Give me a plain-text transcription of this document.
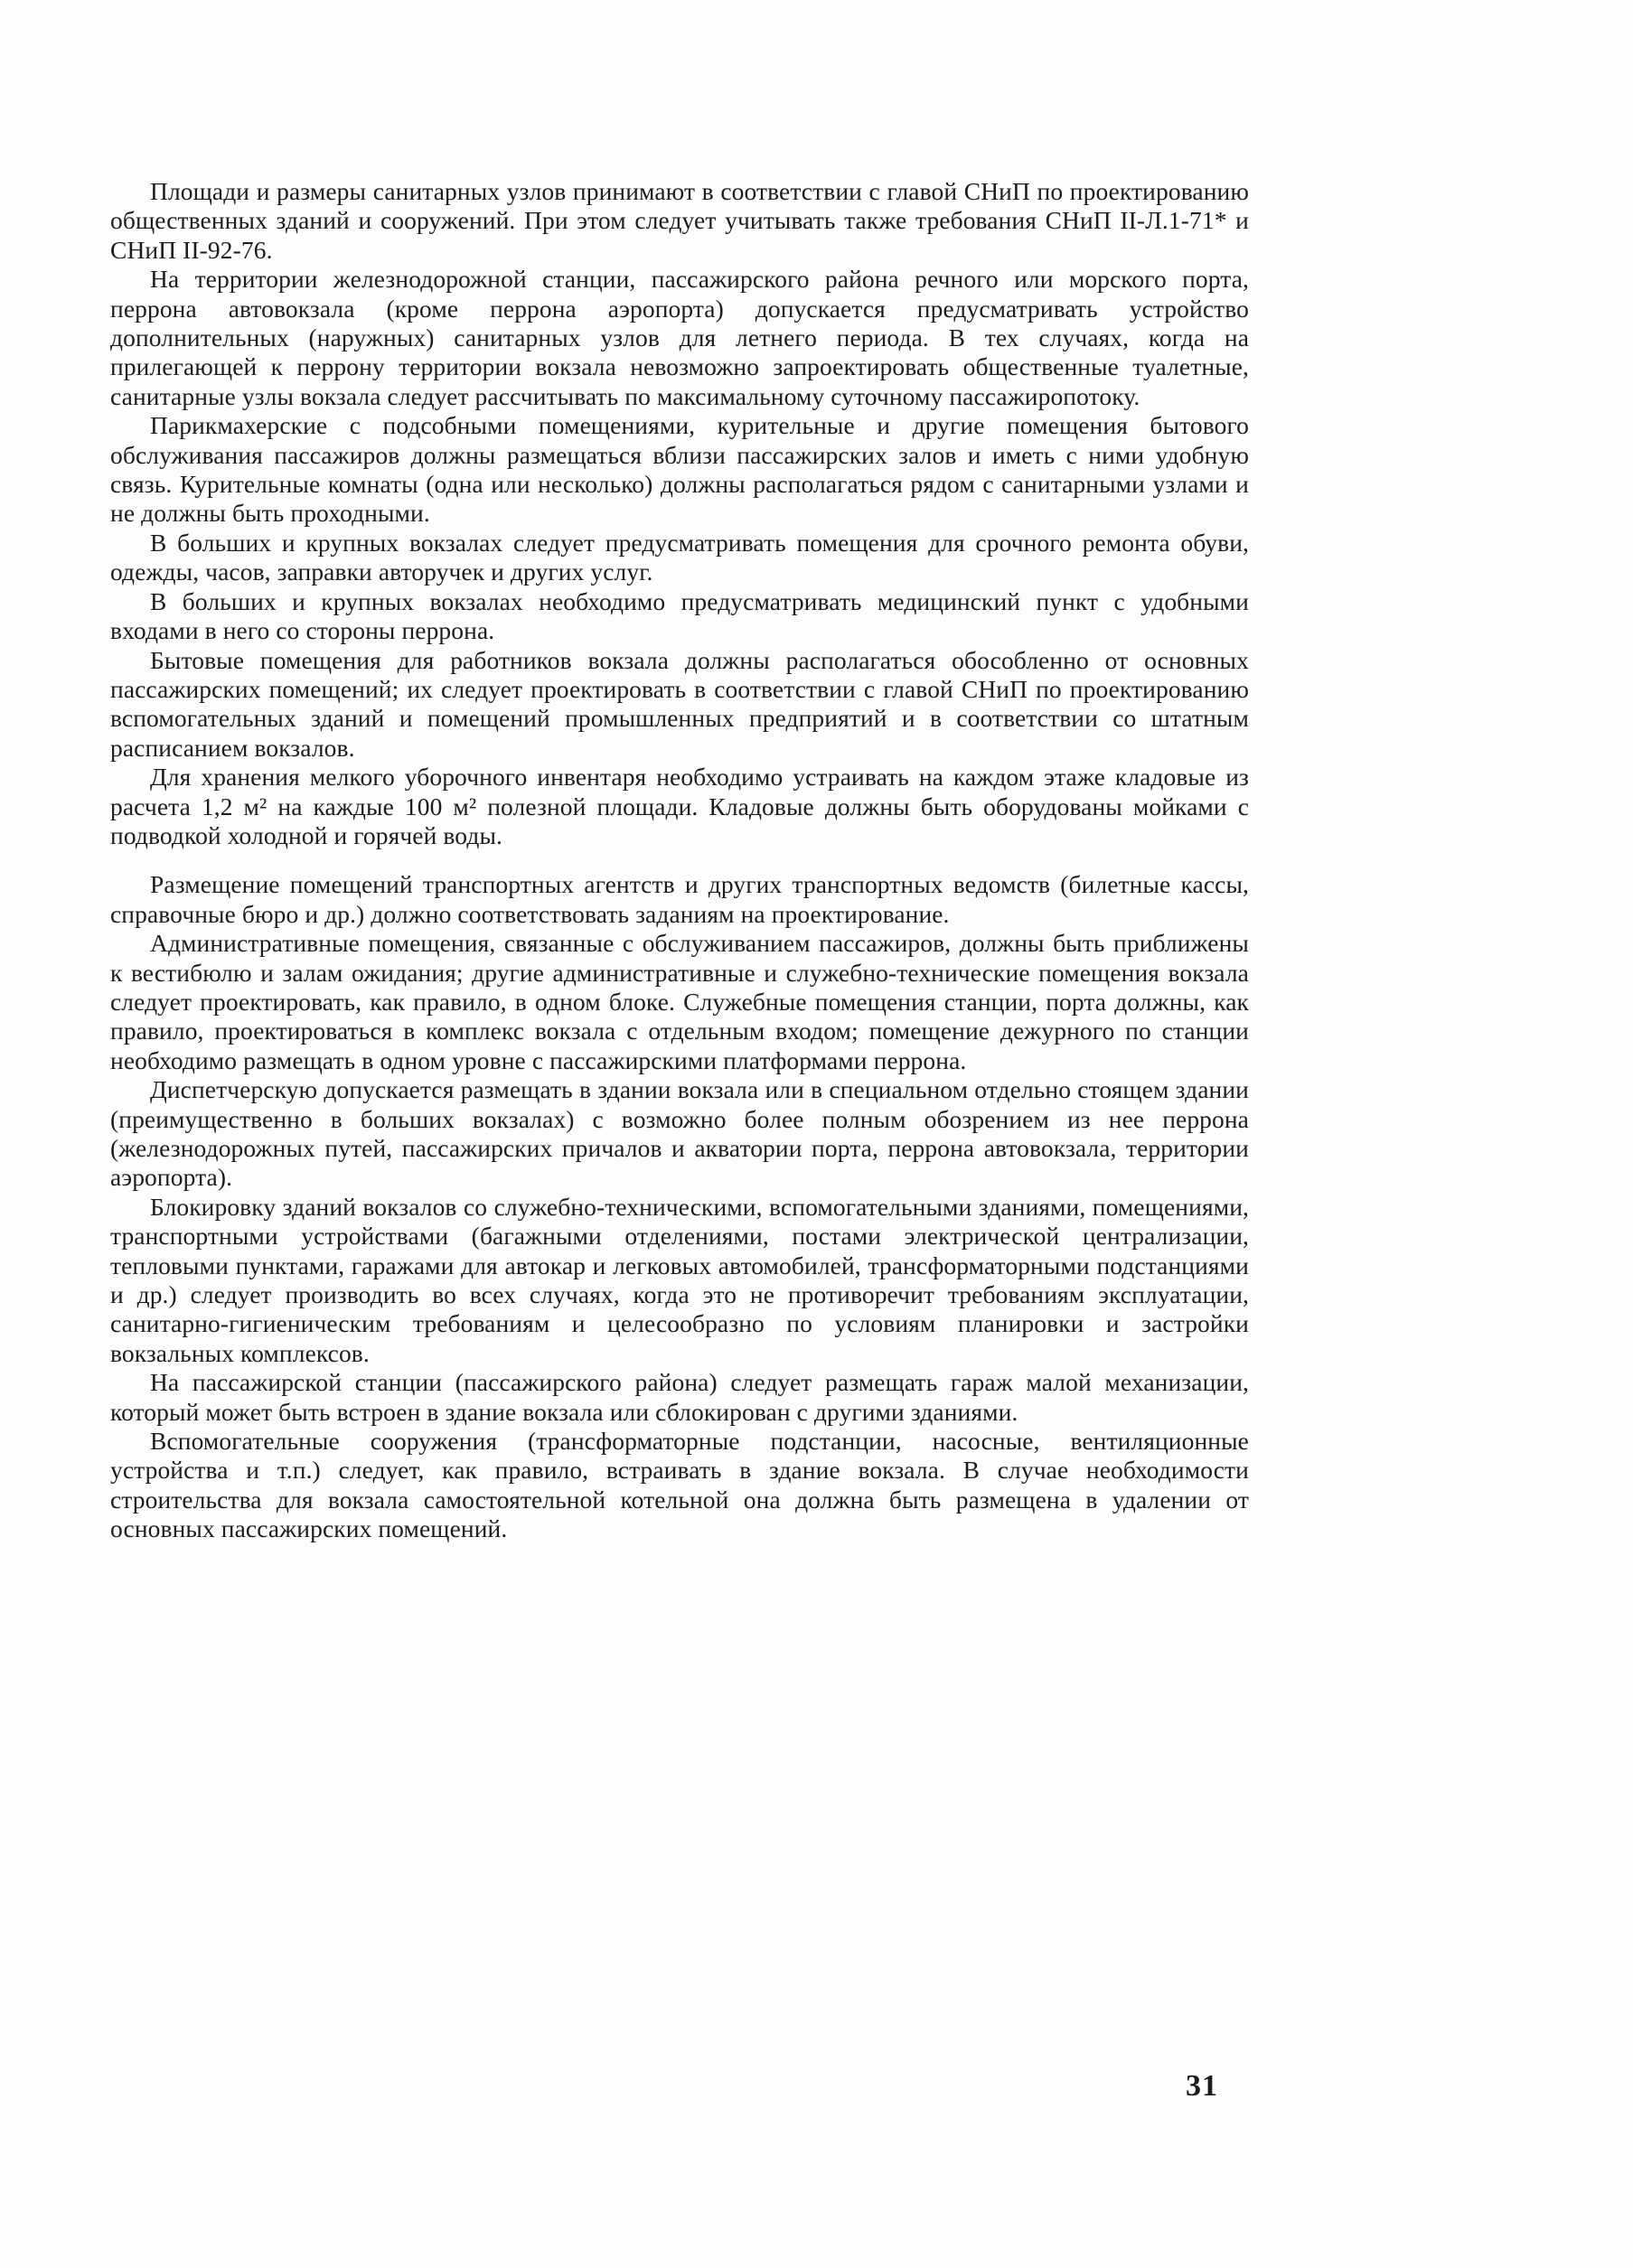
Площади и размеры санитарных узлов принимают в соответствии с главой СНиП по проектированию общественных зданий и сооружений. При этом следует учитывать также требования СНиП II-Л.1-71* и СНиП II-92-76.

На территории железнодорожной станции, пассажирского района речного или морского порта, перрона автовокзала (кроме перрона аэропорта) допускается предусматривать устройство дополнительных (наружных) санитарных узлов для летнего периода. В тех случаях, когда на прилегающей к перрону территории вокзала невозможно запроектировать общественные туалетные, санитарные узлы вокзала следует рассчитывать по максимальному суточному пассажиропотоку.

Парикмахерские с подсобными помещениями, курительные и другие помещения бытового обслуживания пассажиров должны размещаться вблизи пассажирских залов и иметь с ними удобную связь. Курительные комнаты (одна или несколько) должны располагаться рядом с санитарными узлами и не должны быть проходными.

В больших и крупных вокзалах следует предусматривать помещения для срочного ремонта обуви, одежды, часов, заправки авторучек и других услуг.

В больших и крупных вокзалах необходимо предусматривать медицинский пункт с удобными входами в него со стороны перрона.

Бытовые помещения для работников вокзала должны располагаться обособленно от основных пассажирских помещений; их следует проектировать в соответствии с главой СНиП по проектированию вспомогательных зданий и помещений промышленных предприятий и в соответствии со штатным расписанием вокзалов.

Для хранения мелкого уборочного инвентаря необходимо устраивать на каждом этаже кладовые из расчета 1,2 м² на каждые 100 м² полезной площади. Кладовые должны быть оборудованы мойками с подводкой холодной и горячей воды.

Размещение помещений транспортных агентств и других транспортных ведомств (билетные кассы, справочные бюро и др.) должно соответствовать заданиям на проектирование.

Административные помещения, связанные с обслуживанием пассажиров, должны быть приближены к вестибюлю и залам ожидания; другие административные и служебно-технические помещения вокзала следует проектировать, как правило, в одном блоке. Служебные помещения станции, порта должны, как правило, проектироваться в комплекс вокзала с отдельным входом; помещение дежурного по станции необходимо размещать в одном уровне с пассажирскими платформами перрона.

Диспетчерскую допускается размещать в здании вокзала или в специальном отдельно стоящем здании (преимущественно в больших вокзалах) с возможно более полным обозрением из нее перрона (железнодорожных путей, пассажирских причалов и акватории порта, перрона автовокзала, территории аэропорта).

Блокировку зданий вокзалов со служебно-техническими, вспомогательными зданиями, помещениями, транспортными устройствами (багажными отделениями, постами электрической централизации, тепловыми пунктами, гаражами для автокар и легковых автомобилей, трансформаторными подстанциями и др.) следует производить во всех случаях, когда это не противоречит требованиям эксплуатации, санитарно-гигиеническим требованиям и целесообразно по условиям планировки и застройки вокзальных комплексов.

На пассажирской станции (пассажирского района) следует размещать гараж малой механизации, который может быть встроен в здание вокзала или сблокирован с другими зданиями.

Вспомогательные сооружения (трансформаторные подстанции, насосные, вентиляционные устройства и т.п.) следует, как правило, встраивать в здание вокзала. В случае необходимости строительства для вокзала самостоятельной котельной она должна быть размещена в удалении от основных пассажирских помещений.

31
